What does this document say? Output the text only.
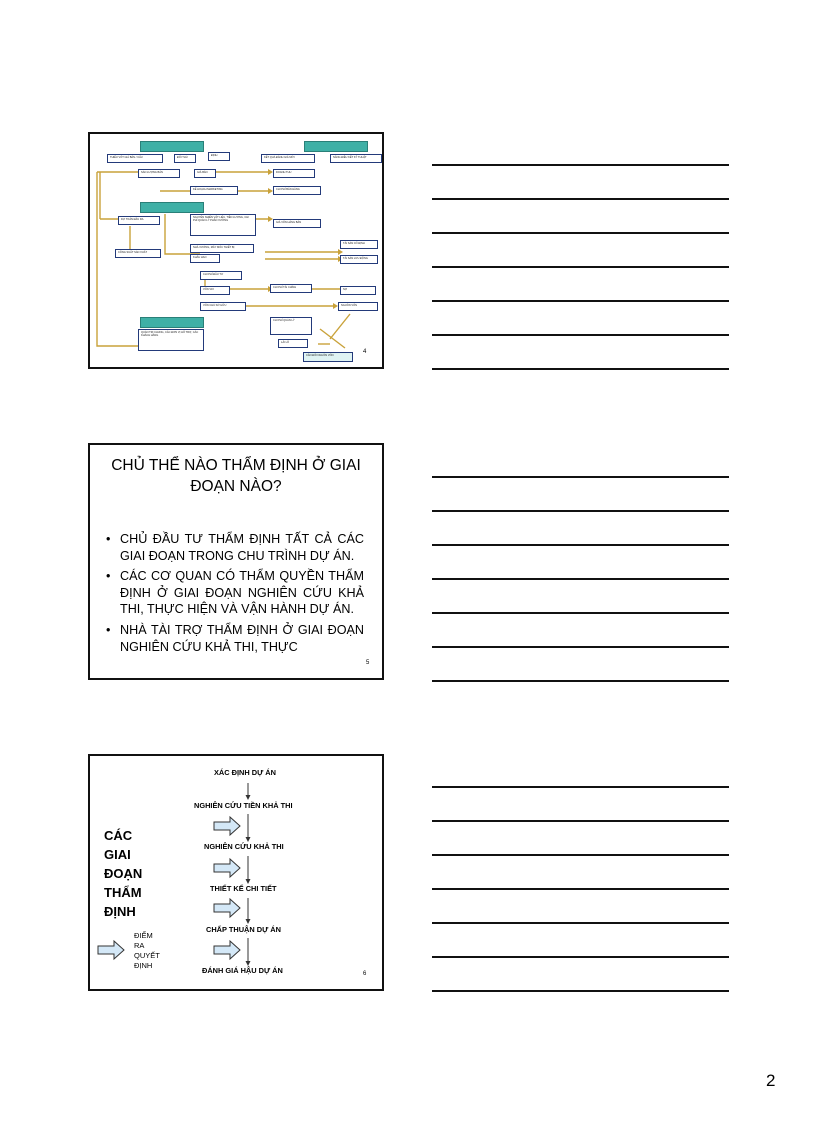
THIẾU VỐT GIÁ BÁN / CẤU	ĐỐI THỦ
ĐỊNH
KẾT QUẢ ĐÁNH GIÁ MỚI	NĂNG ĐIỀU KẾT KỸ THUẬT
SẢN LƯỢNG BÁN	GIÁ BÁN	DOANH THU
KẾ HOẠCH MARKETING	CHI PHÍ BÁN HÀNG
DỰ TOÁN ĐẦU RA
NGUYÊN NHIÊN VẬT LIỆU, TIỀN LƯƠNG, CHI PHÍ QUẢN LÝ PHÂN XƯỞNG
GIÁ VỐN HÀNG BÁN
CÔNG SUẤT SẢN XUẤT
NHÀ XƯỞNG, MÁY MÓC THIẾT BỊ
KHẤU HAO
TÀI SẢN CỐ ĐỊNH
TÀI SẢN LƯU ĐỘNG
CHI PHÍ ĐẦU TƯ
VỐN VAY
CHI PHÍ TÀI CHÍNH
NỢ
VỐN CHỦ SỞ HỮU	NGUỒN VỐN
QUẢN TRỊ CHUNG, CÁC ĐƠN VỊ HỖ TRỢ, CÁC KHÁCH HÀNG
CHI PHÍ QUẢN LÝ
LÃI LỖ
CÂN ĐỐI NGUỒN VỐN
4
CHỦ THỂ NÀO THẨM ĐỊNH Ở GIAI ĐOẠN NÀO?
• CHỦ ĐẦU TƯ THẨM ĐỊNH TẤT CẢ CÁC GIAI ĐOẠN TRONG CHU TRÌNH DỰ ÁN.
• CÁC CƠ QUAN CÓ THẨM QUYỀN THẨM ĐỊNH Ở GIAI ĐOẠN NGHIÊN CỨU KHẢ THI, THỰC HIỆN VÀ VẬN HÀNH DỰ ÁN.
• NHÀ TÀI TRỢ THẨM ĐỊNH Ở GIAI ĐOẠN NGHIÊN CỨU KHẢ THI, THỰC
5
CÁC
GIAI
ĐOẠN
THẨM
ĐỊNH
XÁC ĐỊNH DỰ ÁN
NGHIÊN CỨU TIỀN KHẢ THI
NGHIÊN CỨU KHẢ THI
THIẾT KẾ CHI TIẾT
CHẤP THUẬN DỰ ÁN
ĐÁNH GIÁ HẬU DỰ ÁN
ĐIỂM
RA
QUYẾT
ĐỊNH
6
2
